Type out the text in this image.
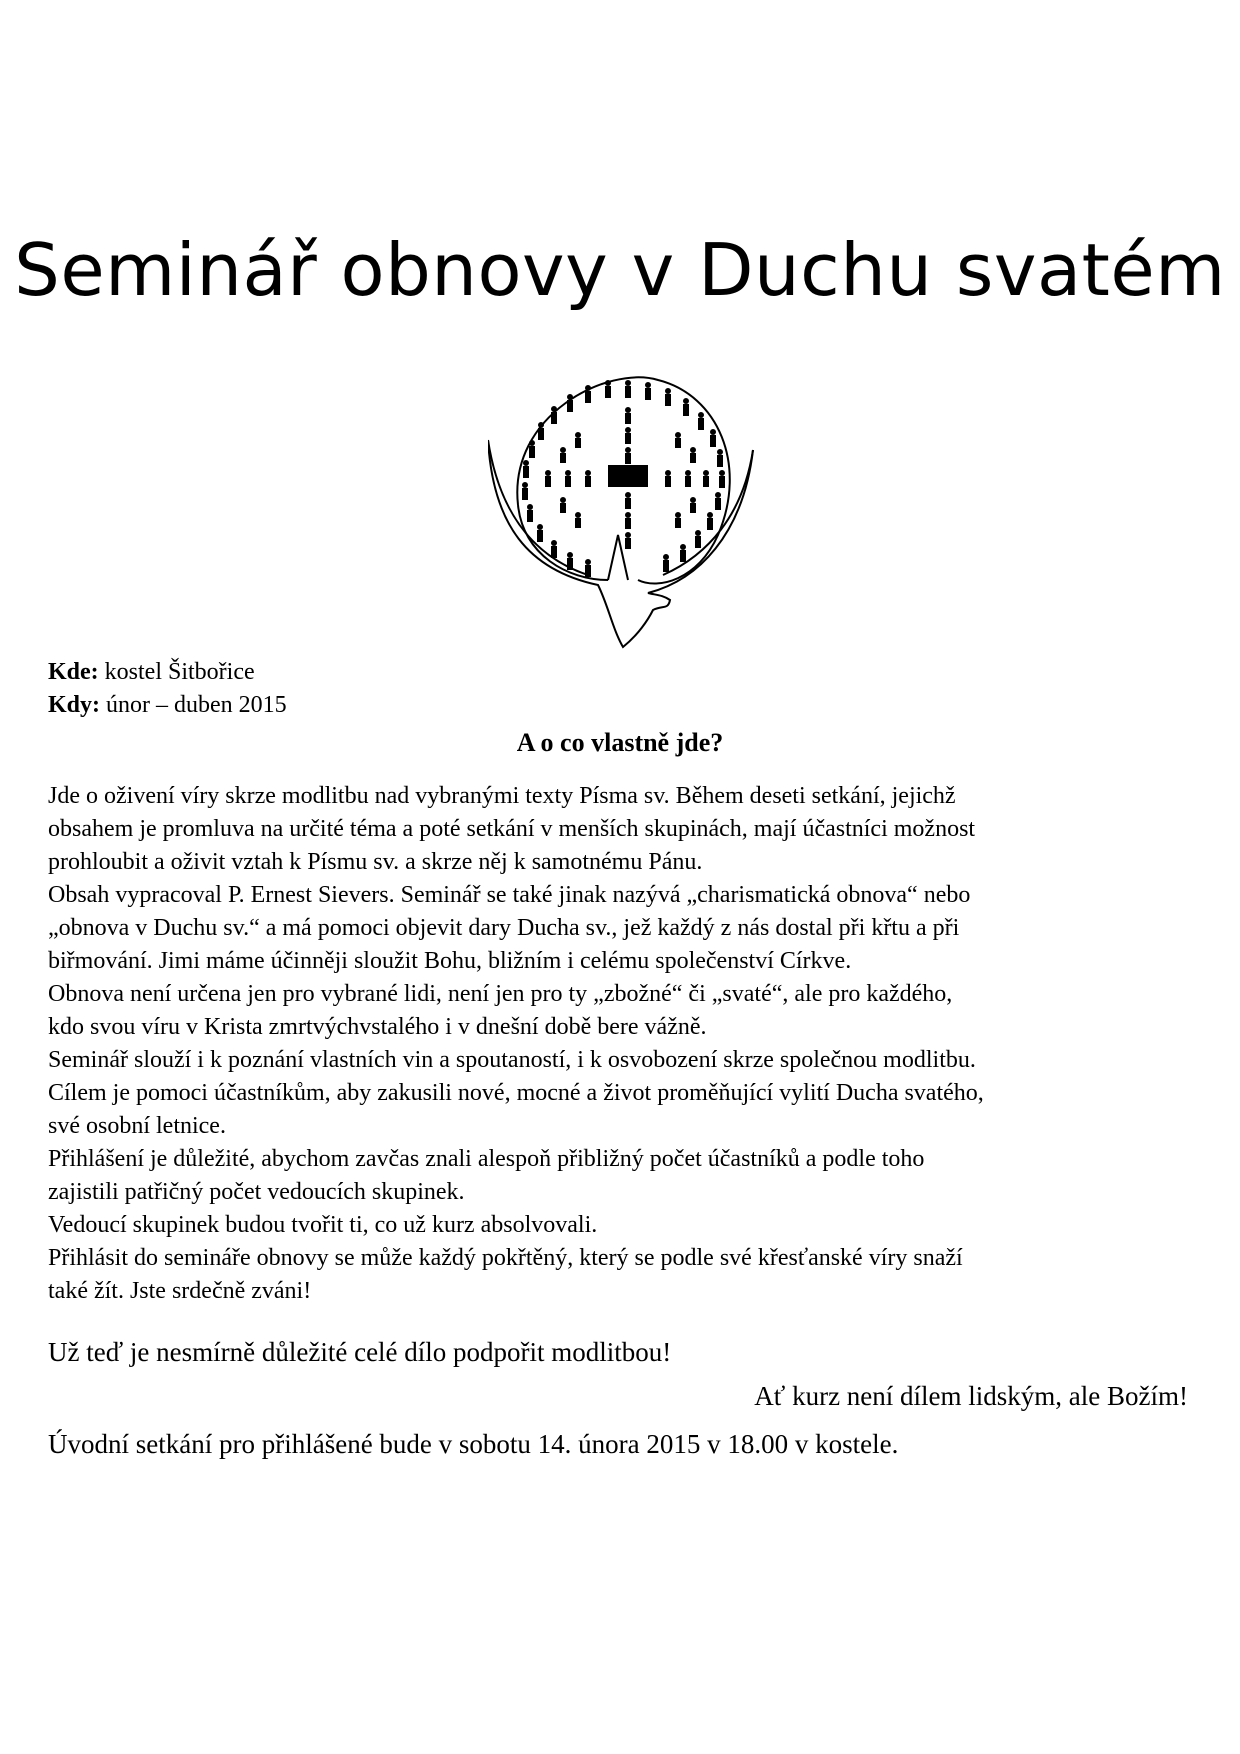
Seminář obnovy v Duchu svatém
Kde: kostel Šitbořice
Kdy: únor – duben 2015
A o co vlastně jde?

Jde o oživení víry skrze modlitbu nad vybranými texty Písma sv. Během deseti setkání, jejichž

obsahem je promluva na určité téma a poté setkání v menších skupinách, mají účastníci možnost

prohloubit a oživit vztah k Písmu sv. a skrze něj k samotnému Pánu.

Obsah vypracoval P. Ernest Sievers. Seminář se také jinak nazývá „charismatická obnova“ nebo

„obnova v Duchu sv.“ a má pomoci objevit dary Ducha sv., jež každý z nás dostal při křtu a při

biřmování. Jimi máme účinněji sloužit Bohu, bližním i celému společenství Církve.

Obnova není určena jen pro vybrané lidi, není jen pro ty „zbožné“ či „svaté“, ale pro každého,

kdo svou víru v Krista zmrtvýchvstalého i v dnešní době bere vážně.

Seminář slouží i k poznání vlastních vin a spoutaností, i k osvobození skrze společnou modlitbu.

Cílem je pomoci účastníkům, aby zakusili nové, mocné a život proměňující vylití Ducha svatého,

své osobní letnice.

Přihlášení je důležité, abychom zavčas znali alespoň přibližný počet účastníků a podle toho

zajistili patřičný počet vedoucích skupinek.

Vedoucí skupinek budou tvořit ti, co už kurz absolvovali.

Přihlásit do semináře obnovy se může každý pokřtěný, který se podle své křesťanské víry snaží

také žít. Jste srdečně zváni!

Už teď je nesmírně důležité celé dílo podpořit modlitbou!

Ať kurz není dílem lidským, ale Božím!

Úvodní setkání pro přihlášené bude v sobotu 14. února 2015 v 18.00 v kostele.
